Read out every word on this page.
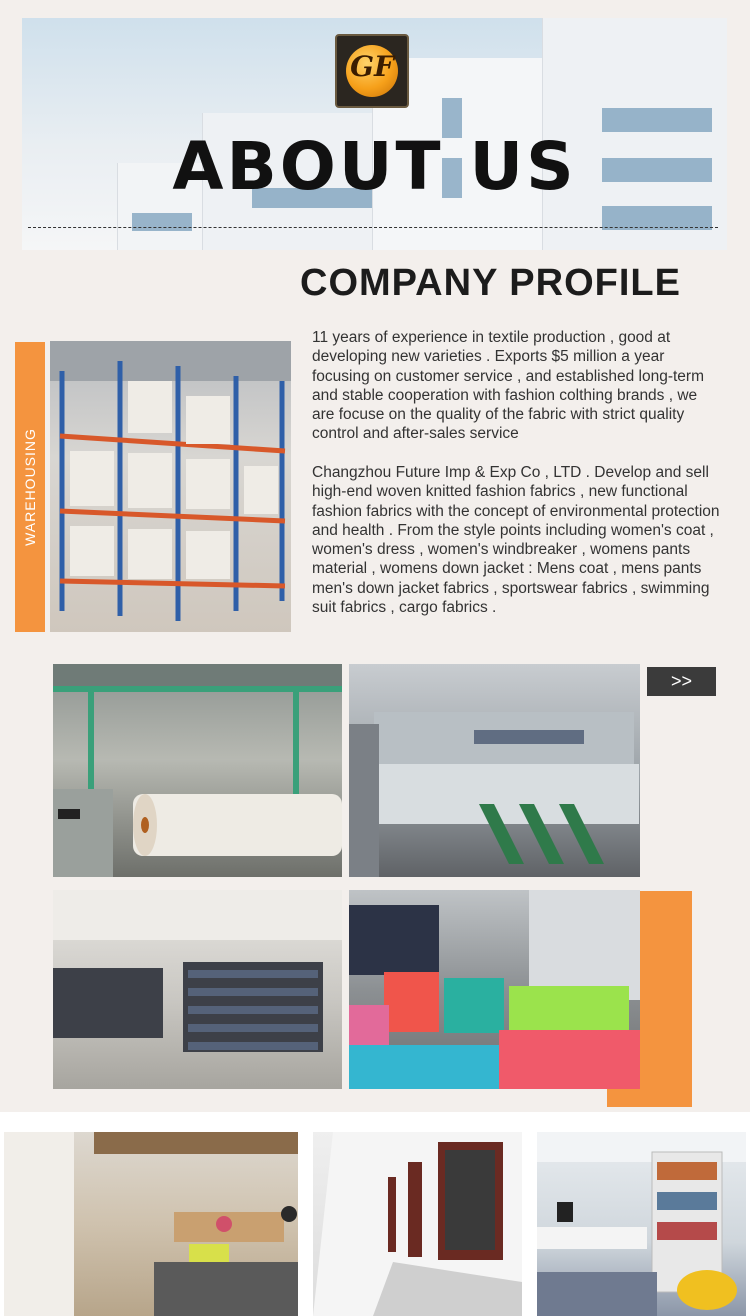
GF
ABOUT US
COMPANY PROFILE
WAREHOUSING
11 years of experience in textile production , good at developing new varieties . Exports $5 million a year focusing on customer service , and established long-term and stable cooperation with fashion colthing brands , we are focuse on the quality of the fabric with strict quality control and after-sales service
Changzhou Future Imp & Exp Co , LTD . Develop and sell high-end woven knitted fashion fabrics , new functional fashion fabrics with the concept of environmental protection and health . From the style points including women's coat , women's dress , women's windbreaker , womens pants material , womens down jacket : Mens coat , mens pants men's down jacket fabrics , sportswear fabrics , swimming suit fabrics , cargo fabrics .
>>
